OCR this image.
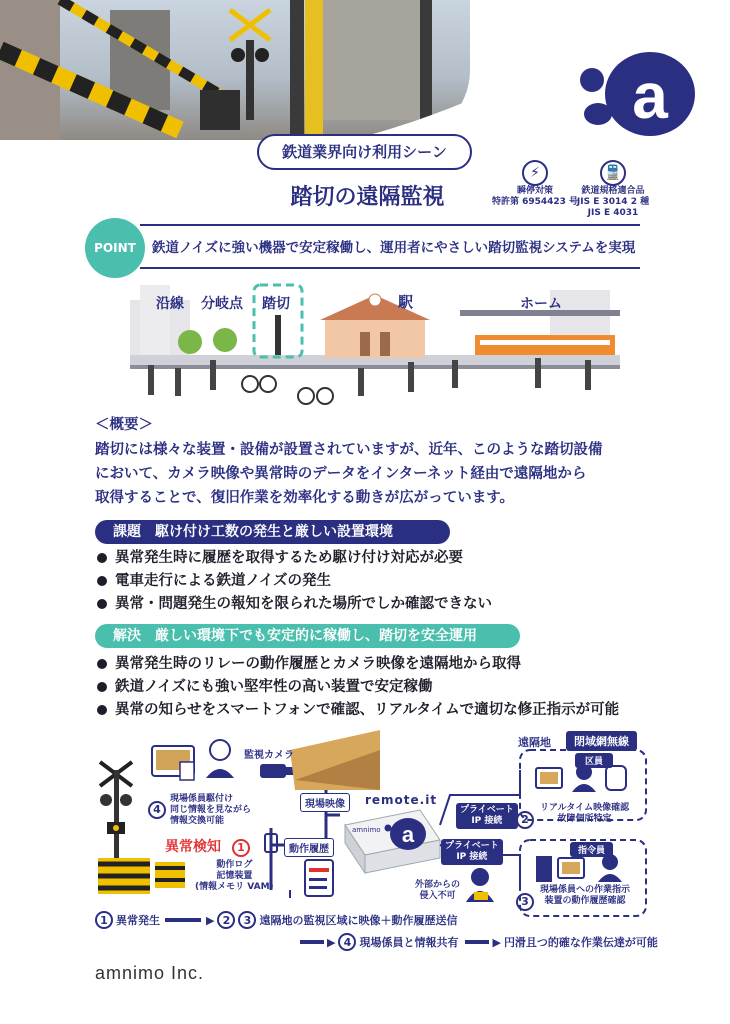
a
鉄道業界向け利用シーン
踏切の遠隔監視
⚡
瞬停対策
特許第 6954423 号
🚆
鉄道規格適合品
JIS E 3014 2 種
JIS E 4031
POINT	鉄道ノイズに強い機器で安定稼働し、運用者にやさしい踏切監視システムを実現
沿線 分岐点 踏切	駅	ホーム
＜概要＞
踏切には様々な装置・設備が設置されていますが、近年、このような踏切設備
において、カメラ映像や異常時のデータをインターネット経由で遠隔地から
取得することで、復旧作業を効率化する動きが広がっています。
課題　駆け付け工数の発生と厳しい設置環境
異常発生時に履歴を取得するため駆け付け対応が必要
電車走行による鉄道ノイズの発生
異常・問題発生の報知を限られた場所でしか確認できない
解決　厳しい環境下でも安定的に稼働し、踏切を安全運用
異常発生時のリレーの動作履歴とカメラ映像を遠隔地から取得
鉄道ノイズにも強い堅牢性の高い装置で安定稼働
異常の知らせをスマートフォンで確認、リアルタイムで適切な修正指示が可能
a
監視カメラ
4
現場係員駆付け
同じ情報を見ながら
情報交換可能
異常検知	1
現場映像
動作履歴
動作ログ
記憶装置
(情報メモリ VAM)
remote.it
amnimo
プライベート
IP 接続
プライベート
IP 接続
外部からの
侵入不可
遠隔地	閉域網無線
区員
2
リアルタイム映像確認
故障個所特定
指令員
3
現場係員への作業指示
装置の動作履歴確認
1 異常発生	▶ 2	3 遠隔地の監視区域に映像＋動作履歴送信
▶ 4 現場係員と情報共有	▶ 円滑且つ的確な作業伝達が可能
amnimo Inc.
